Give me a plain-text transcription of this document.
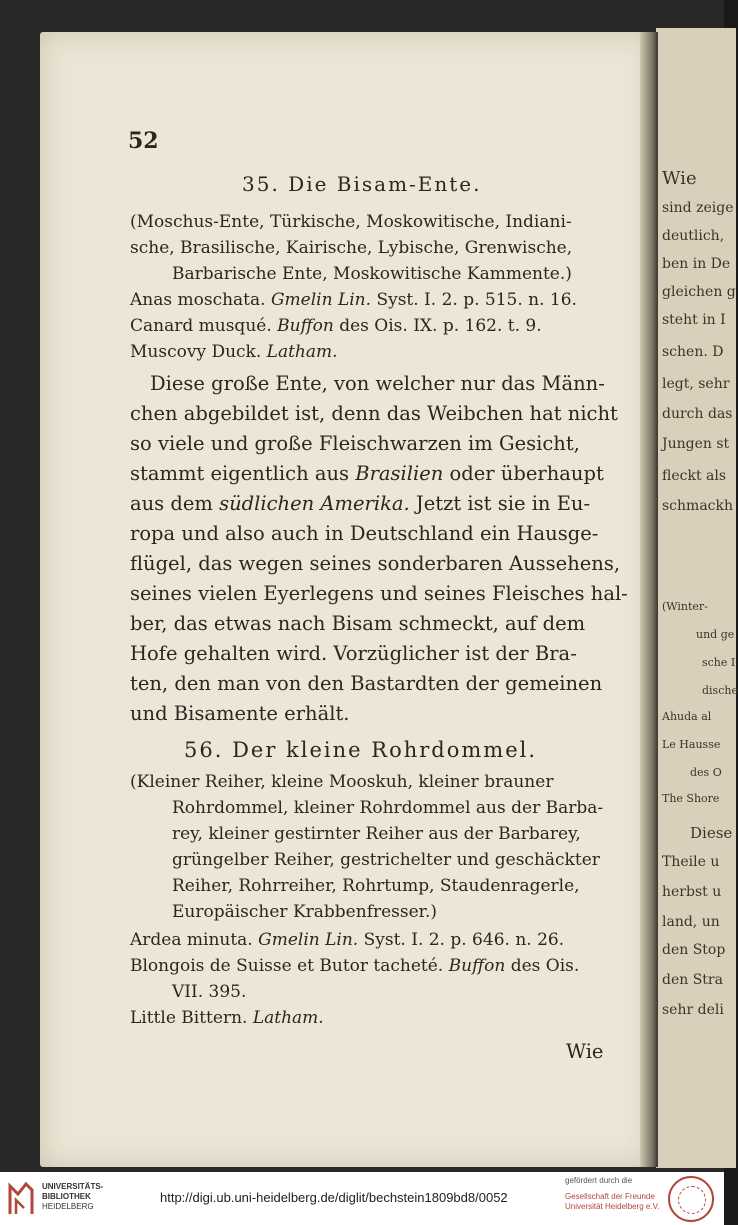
Wie
sind zeige
deutlich,
ben in De
gleichen g
steht in I
schen. D
legt, sehr
durch das
Jungen st
fleckt als
schmackh
(Winter-
und ge
sche I
dische
Ahuda al
Le Hausse
des O
The Shore
Diese
Theile u
herbst u
land, un
den Stop
den Stra
sehr deli
52
35. Die Bisam-Ente.
(Moschus-Ente, Türkische, Moskowitische, Indiani-
sche, Brasilische, Kairische, Lybische, Grenwische,
Barbarische Ente, Moskowitische Kammente.)
Anas moschata. Gmelin Lin. Syst. I. 2. p. 515. n. 16.
Canard musqué. Buffon des Ois. IX. p. 162. t. 9.
Muscovy Duck. Latham.
Diese große Ente, von welcher nur das Männ-
chen abgebildet ist, denn das Weibchen hat nicht
so viele und große Fleischwarzen im Gesicht,
stammt eigentlich aus Brasilien oder überhaupt
aus dem südlichen Amerika. Jetzt ist sie in Eu-
ropa und also auch in Deutschland ein Hausge-
flügel, das wegen seines sonderbaren Aussehens,
seines vielen Eyerlegens und seines Fleisches hal-
ber, das etwas nach Bisam schmeckt, auf dem
Hofe gehalten wird. Vorzüglicher ist der Bra-
ten, den man von den Bastardten der gemeinen
und Bisamente erhält.
56. Der kleine Rohrdommel.
(Kleiner Reiher, kleine Mooskuh, kleiner brauner
Rohrdommel, kleiner Rohrdommel aus der Barba-
rey, kleiner gestirnter Reiher aus der Barbarey,
grüngelber Reiher, gestrichelter und geschäckter
Reiher, Rohrreiher, Rohrtump, Staudenragerle,
Europäischer Krabbenfresser.)
Ardea minuta. Gmelin Lin. Syst. I. 2. p. 646. n. 26.
Blongois de Suisse et Butor tacheté. Buffon des Ois.
VII. 395.
Little Bittern. Latham.
Wie
UNIVERSITÄTS-
BIBLIOTHEK
HEIDELBERG
http://digi.ub.uni-heidelberg.de/diglit/bechstein1809bd8/0052
gefördert durch die
Gesellschaft der Freunde
Universität Heidelberg e.V.
